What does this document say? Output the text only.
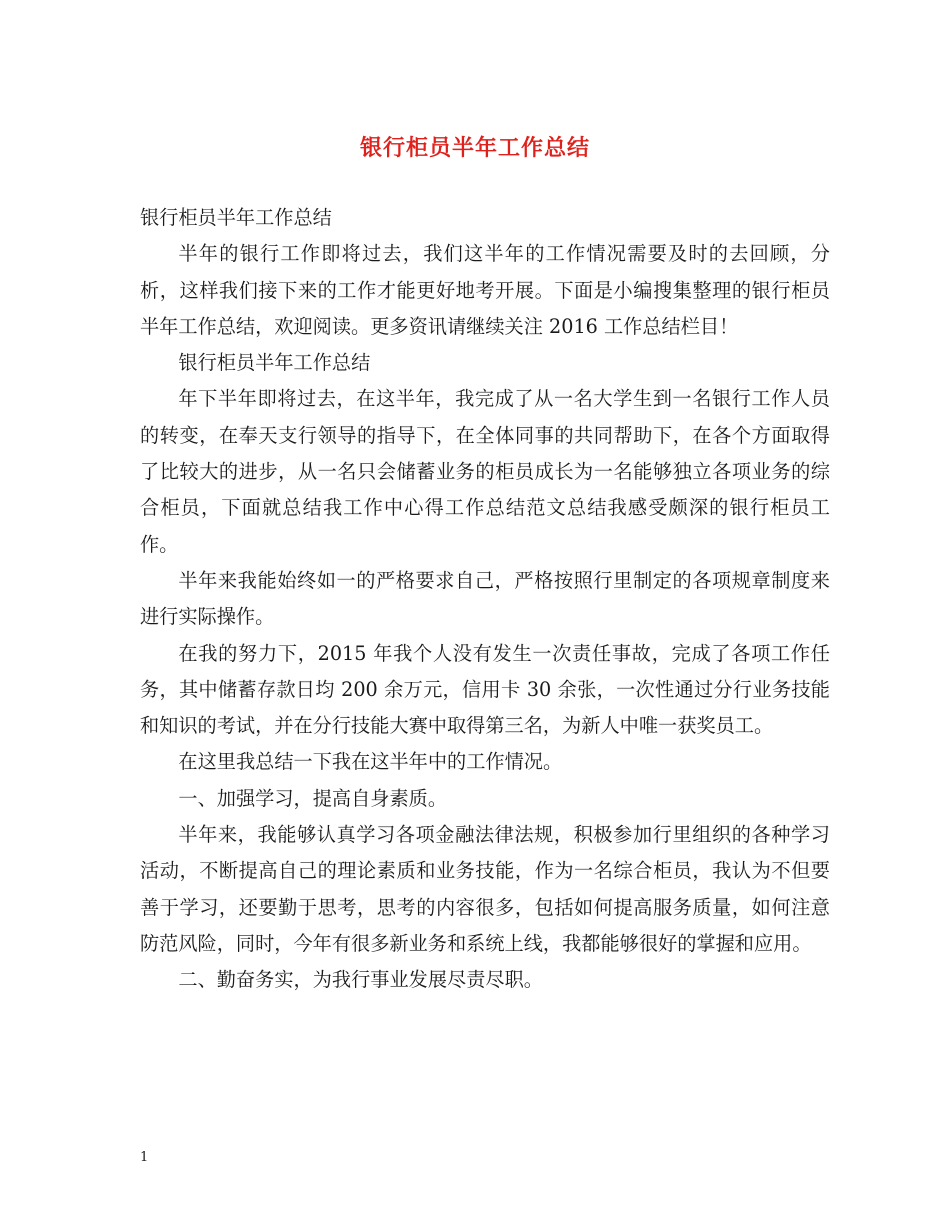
银行柜员半年工作总结

银行柜员半年工作总结

半年的银行工作即将过去，我们这半年的工作情况需要及时的去回顾，分析，这样我们接下来的工作才能更好地考开展。下面是小编搜集整理的银行柜员半年工作总结，欢迎阅读。更多资讯请继续关注 2016 工作总结栏目！

银行柜员半年工作总结

年下半年即将过去，在这半年，我完成了从一名大学生到一名银行工作人员的转变，在奉天支行领导的指导下，在全体同事的共同帮助下，在各个方面取得了比较大的进步，从一名只会储蓄业务的柜员成长为一名能够独立各项业务的综合柜员，下面就总结我工作中心得工作总结范文总结我感受颇深的银行柜员工作。

半年来我能始终如一的严格要求自己，严格按照行里制定的各项规章制度来进行实际操作。

在我的努力下，2015 年我个人没有发生一次责任事故，完成了各项工作任务，其中储蓄存款日均 200 余万元，信用卡 30 余张，一次性通过分行业务技能和知识的考试，并在分行技能大赛中取得第三名，为新人中唯一获奖员工。

在这里我总结一下我在这半年中的工作情况。

一、加强学习，提高自身素质。

半年来，我能够认真学习各项金融法律法规，积极参加行里组织的各种学习活动，不断提高自己的理论素质和业务技能，作为一名综合柜员，我认为不但要善于学习，还要勤于思考，思考的内容很多，包括如何提高服务质量，如何注意防范风险，同时，今年有很多新业务和系统上线，我都能够很好的掌握和应用。

二、勤奋务实，为我行事业发展尽责尽职。

1
